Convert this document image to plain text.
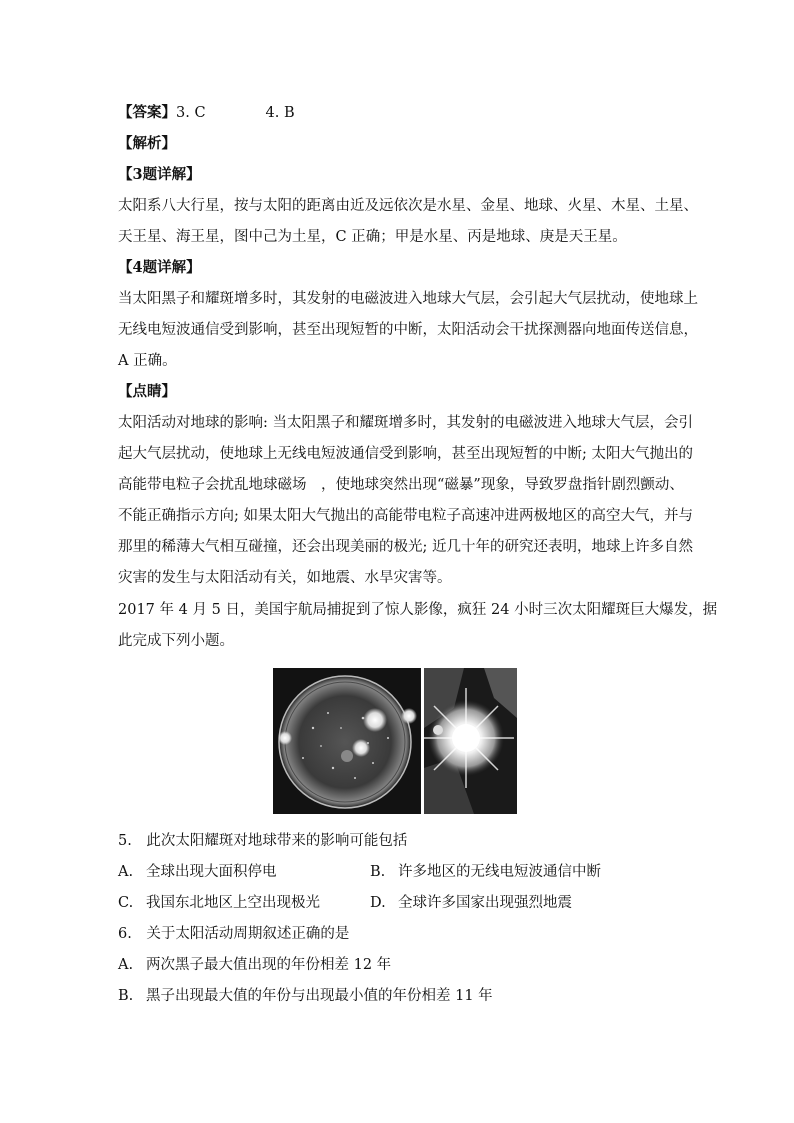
【答案】3. C	4. B
【解析】
【3题详解】
太阳系八大行星，按与太阳的距离由近及远依次是水星、金星、地球、火星、木星、土星、
天王星、海王星，图中己为土星，C 正确；甲是水星、丙是地球、庚是天王星。
【4题详解】
当太阳黑子和耀斑增多时，其发射的电磁波进入地球大气层，会引起大气层扰动，使地球上
无线电短波通信受到影响，甚至出现短暂的中断，太阳活动会干扰探测器向地面传送信息，
A 正确。
【点睛】
太阳活动对地球的影响: 当太阳黑子和耀斑增多时，其发射的电磁波进入地球大气层，会引
起大气层扰动，使地球上无线电短波通信受到影响，甚至出现短暂的中断; 太阳大气抛出的
高能带电粒子会扰乱地球磁场　，使地球突然出现“磁暴”现象，导致罗盘指针剧烈颤动、
不能正确指示方向; 如果太阳大气抛出的高能带电粒子高速冲进两极地区的高空大气，并与
那里的稀薄大气相互碰撞，还会出现美丽的极光; 近几十年的研究还表明，地球上许多自然
灾害的发生与太阳活动有关，如地震、水旱灾害等。
2017 年 4 月 5 日，美国宇航局捕捉到了惊人影像，疯狂 24 小时三次太阳耀斑巨大爆发，据
此完成下列小题。
5.　此次太阳耀斑对地球带来的影响可能包括
A. 全球出现大面积停电	B. 许多地区的无线电短波通信中断
C. 我国东北地区上空出现极光	D. 全球许多国家出现强烈地震
6.　关于太阳活动周期叙述正确的是
A. 两次黑子最大值出现的年份相差 12 年
B. 黑子出现最大值的年份与出现最小值的年份相差 11 年
